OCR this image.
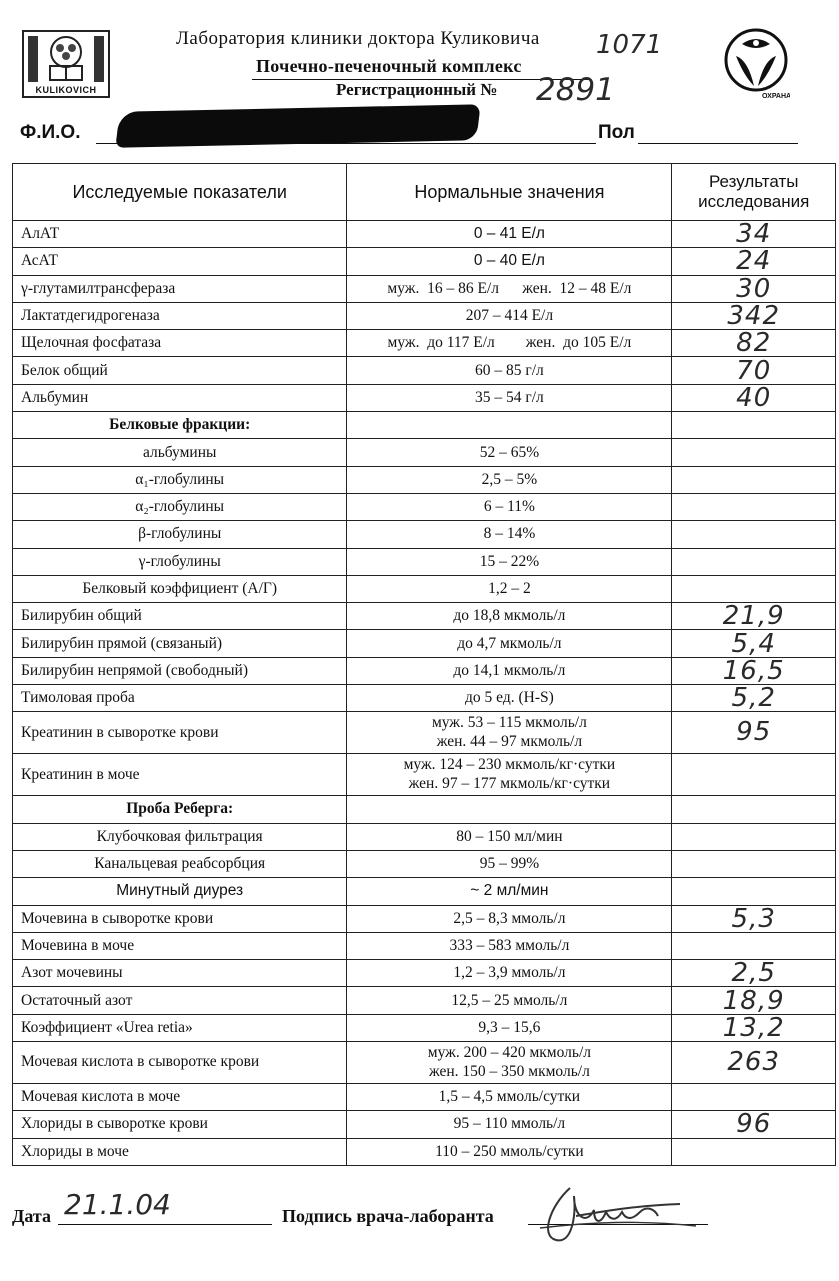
KULIKOVICH
Лаборатория клиники доктора Куликовича
Почечно-печеночный комплекс
Регистрационный № 2891
1071
ОХРАНА
Ф.И.О.	Пол
Исследуемые показатели	Нормальные значения	Результаты
исследования

АлАТ	0 – 41 Е/л	34
АсАТ	0 – 40 Е/л	24
γ-глутамилтрансфераза	муж.  16 – 86 Е/л      жен.  12 – 48 Е/л	30
Лактатдегидрогеназа	207 – 414 Е/л	342
Щелочная фосфатаза	муж.  до 117 Е/л        жен.  до 105 Е/л	82
Белок общий	60 – 85 г/л	70
Альбумин	35 – 54 г/л	40
Белковые фракции:		
альбумины	52 – 65%	
α₁-глобулины	2,5 – 5%	
α₂-глобулины	6 – 11%	
β-глобулины	8 – 14%	
γ-глобулины	15 – 22%	
Белковый коэффициент (А/Г)	1,2 – 2	
Билирубин общий	до 18,8 мкмоль/л	21,9
Билирубин прямой (связаный)	до 4,7 мкмоль/л	5,4
Билирубин непрямой (свободный)	до 14,1 мкмоль/л	16,5
Тимоловая проба	до 5 ед. (H-S)	5,2
Креатинин в сыворотке крови	муж. 53 – 115 мкмоль/л
жен. 44 – 97 мкмоль/л	95
Креатинин в моче	муж. 124 – 230 мкмоль/кг·сутки
жен. 97 – 177 мкмоль/кг·сутки	

Проба Реберга:		
Клубочковая фильтрация	80 – 150 мл/мин	
Канальцевая реабсорбция	95 – 99%	
Минутный диурез	~ 2 мл/мин	
Мочевина в сыворотке крови	2,5 – 8,3 ммоль/л	5,3
Мочевина в моче	333 – 583 ммоль/л	
Азот мочевины	1,2 – 3,9 ммоль/л	2,5
Остаточный азот	12,5 – 25 ммоль/л	18,9
Коэффициент «Urea retia»	9,3 – 15,6	13,2
Мочевая кислота в сыворотке крови	муж. 200 – 420 мкмоль/л
жен. 150 – 350 мкмоль/л	263
Мочевая кислота в моче	1,5 – 4,5 ммоль/сутки	
Хлориды в сыворотке крови	95 – 110 ммоль/л	96
Хлориды в моче	110 – 250 ммоль/сутки	
Дата 21.1.04	Подпись врача-лаборанта
